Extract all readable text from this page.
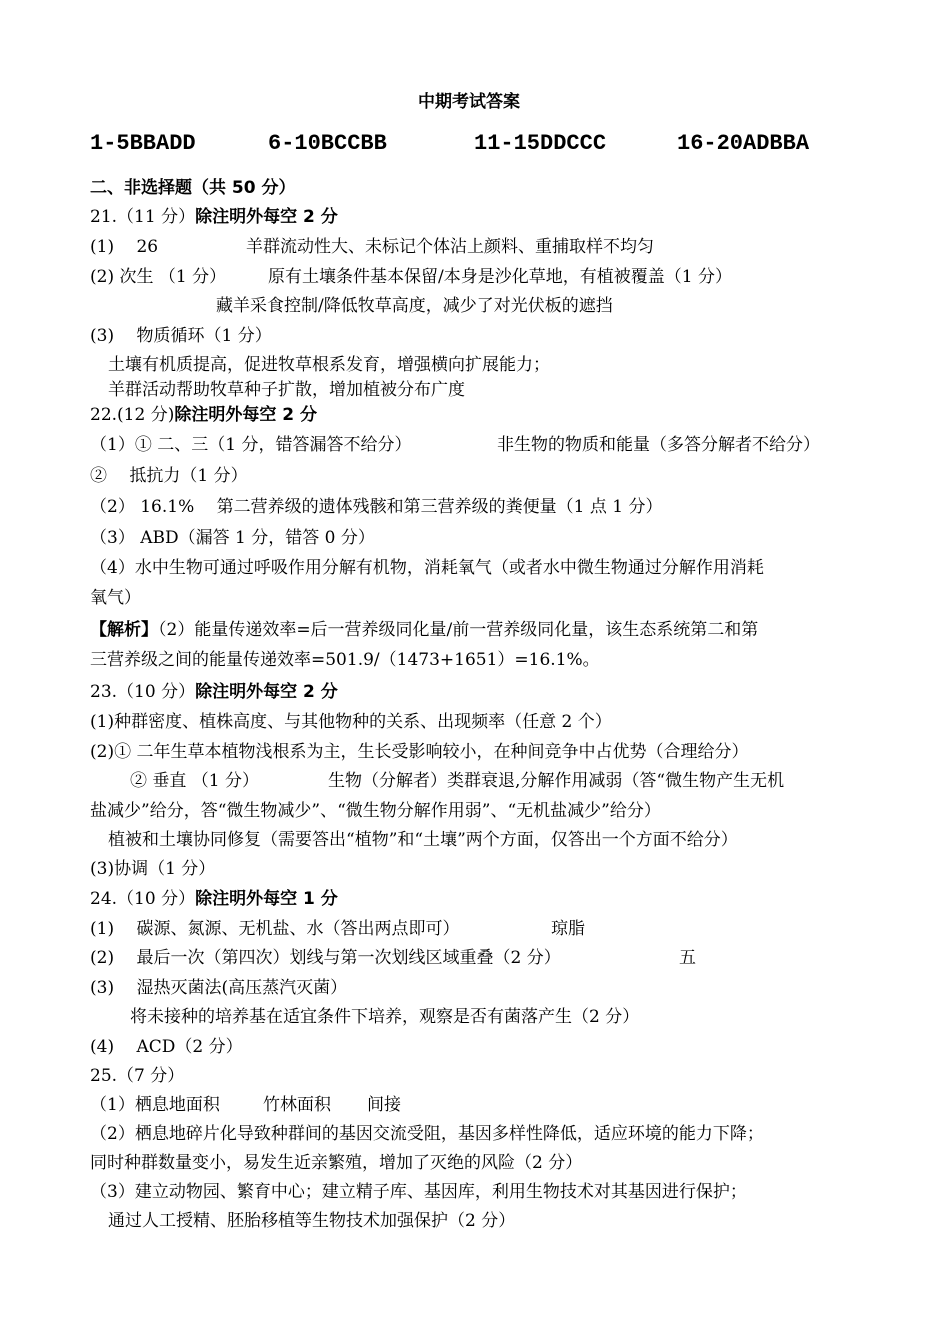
中期考试答案
1-5BBADD	6-10BCCBB	11-15DDCCC	16-20ADBBA
二、非选择题（共 50 分）
21.（11 分）除注明外每空 2 分
(1)　 26	羊群流动性大、未标记个体沾上颜料、重捕取样不均匀
(2) 次生 （1 分） 原有土壤条件基本保留/本身是沙化草地，有植被覆盖（1 分）
藏羊采食控制/降低牧草高度，减少了对光伏板的遮挡
(3)　 物质循环（1 分）
土壤有机质提高，促进牧草根系发育，增强横向扩展能力；
羊群活动帮助牧草种子扩散，增加植被分布广度
22.(12 分)除注明外每空 2 分
（1）① 二、三（1 分，错答漏答不给分）	非生物的物质和能量（多答分解者不给分）
②　 抵抗力（1 分）
（2） 16.1%　 第二营养级的遗体残骸和第三营养级的粪便量（1 点 1 分）
（3） ABD（漏答 1 分，错答 0 分）
（4）水中生物可通过呼吸作用分解有机物，消耗氧气（或者水中微生物通过分解作用消耗
氧气）
【解析】（2）能量传递效率=后一营养级同化量/前一营养级同化量，该生态系统第二和第
三营养级之间的能量传递效率=501.9/（1473+1651）=16.1%。
23.（10 分）除注明外每空 2 分
(1)种群密度、植株高度、与其他物种的关系、出现频率（任意 2 个）
(2)① 二年生草本植物浅根系为主，生长受影响较小，在种间竞争中占优势（合理给分）
② 垂直 （1 分）	生物（分解者）类群衰退,分解作用减弱（答“微生物产生无机
盐减少”给分，答“微生物减少”、“微生物分解作用弱”、“无机盐减少”给分）
植被和土壤协同修复（需要答出“植物”和“土壤”两个方面，仅答出一个方面不给分）
(3)协调（1 分）
24.（10 分）除注明外每空 1 分
(1)　 碳源、氮源、无机盐、水（答出两点即可）	琼脂
(2)　 最后一次（第四次）划线与第一次划线区域重叠（2 分）	五
(3)　 湿热灭菌法(高压蒸汽灭菌）
将未接种的培养基在适宜条件下培养，观察是否有菌落产生（2 分）
(4)　 ACD（2 分）
25.（7 分）
（1）栖息地面积	竹林面积 间接
（2）栖息地碎片化导致种群间的基因交流受阻，基因多样性降低，适应环境的能力下降；
同时种群数量变小，易发生近亲繁殖，增加了灭绝的风险（2 分）
（3）建立动物园、繁育中心；建立精子库、基因库，利用生物技术对其基因进行保护；
通过人工授精、胚胎移植等生物技术加强保护（2 分）
